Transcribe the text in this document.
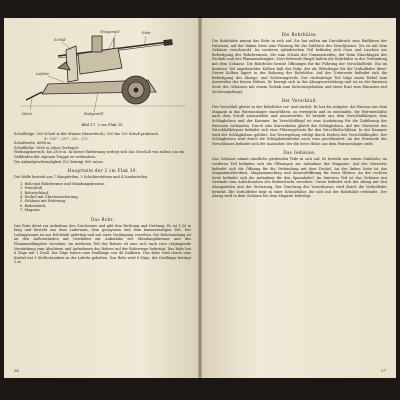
Wiegenteil	Rohr
Schild
Lafette
Radgestell
Holm
Bild 17. 2 cm Flak 30.

Schußfolge: 280 Schuß in der Minute (theoretisch), 100 bis 120 Schuß praktisch.

Ri. 100° - 120°, 220 - 223

Schußweite: 4800 m.

Schußhöhe: 3800 m (ohne Zerleger).

Wirkungsbereich: bis 2500 m. In dieser Entfernung zerlegt sich das Geschoß von selbst, um ein Gefährden der eigenen Truppe zu verhindern.

Die Anlaufgeschwindigkeit (V₀) beträgt 900 m/sec.

Hauptteile der 2 cm Flak 30.

Die Waffe besteht aus 7 Hauptteilen, 3 Schulterstützen und 4 Sonderteilen.

1. Rohr mit Rohrbremse und Mündungsbremse,
2. Verschluß,
3. Rohrrücklauf,
4. Deckel mit Überlastsicherung,
5. Gehäuse mit Federung,
6. Bodenstück,
7. Magazin.
Das Rohr.

Das Rohr dient zur Aufnahme des Geschosses und gibt ihm Richtung und Drehung. Es ist 1,30 m lang und besteht aus dem Laderaum, dem gezogenen und dem kammerartigen Teil. Der Ladungsraum ist aus Edelstahl gefertigt und mit einer Verjüngung versehen. Die Rohrwandung ist an den Außenwänden mit Gewinden zur Aufnahme der Mündungsbremse und des Flammendämpfers versehen. Im mittleren Teil des Rohres ist eine sich nach vorn verjüngende Verstärkung zum Abstützen und Aufnehmen des Rohres auf der Rohrwiege befestigt. Das Rohr hat 8 Züge mit 1 Drall. Die Züge haben eine Drallänge von 48 Kalibern. Das Rohr wird durch eine Kurbel mit 5 Stellschrauben in der Lafette gehalten. Das Rohr wird 8 Züge, der Drallänge beträgt 2 m.

26
Die Rohrhülse.

Die Rohrhülse nimmt das Rohr in sich auf. Sie hat außen am Durchbruch zum Einführen der Patronen, auf der linken Seite eine Führung für die Zuführer des Verschlusses. Sie ist mit dem Gehäuse verschraubt. Im vorderen zylindrischen Teil befinden sich Ösen und Laschen zur Befestigung der Rohrbremsen, die zum Schutz der Gummistreifen, der beim Einschlagen des Deckels und der Flammendämpfer. Zwei federnde Riegel halten die Rohrhülse in der Verbindung mit dem Gehäuse. Die Rohrhülse besitzt Öffnungen für die Führung der Verschlußteile. Ein im hinteren Teil angebrachter Kolben hält das Rohr, der als Widerlager für die Vorholfeder dient. Dieser Kolben lagert in der Bohrung der Rohrhülse. Auf der Unterseite befindet sich die Befestigung des Abzugs- und Sicherungsteils. Der rückwärtige Teil trägt einen Hebel zum Auswerfen der leeren Hülsen. Er bewegt sich in der Abzugsvorrichtung und ist an der hinteren Seite des Gehäuses mit einem Gelenk zum Sicherungsbolzen und einer Rast zum Einrasten mit Sicherungsbügel.

Der Verschluß.

Der Verschluß gleitet in der Rohrhülse vor- und zurück. Er hat die Aufgabe, die Patrone aus dem Magazin in das Patronenlager einzuführen, zu verriegeln und zu entzünden, die Patronenhülse nach dem Schuß auszuziehen und auszuwerfen. Er besteht aus dem Verschlußkörper, dem Schlagbolzen und der Kammer. Im Verschlußkopf ist eine Ausfräsung für die Zuführung der Patronen vorhanden. Durch eine Kurvenbahn gleitet der Schlagbolzen. Auf der Oberseite des Verschlußkörpers befindet sich eine Führungsleiste für den Verschlußschlitten. In der Kammer wird der Schlagbolzen geführt. Die Verriegelung erfolgt durch Drehen des Verschlußkopfes. Der Schlagbolzen wird durch die Schlagbolzenfeder nach vorn geschleudert. An der Stirnseite des Verschlusses befindet sich der Auszieher, der die leere Hülse aus dem Patronenlager zieht.

Das Gehäuse.

Das Gehäuse nimmt sämtliche gleitenden Teile in sich auf. Es besteht aus einem Stahlrohr, im vorderen Teil befinden sich die Öffnungen zur Aufnahme der Magazine. Auf der Oberseite befindet sich die Öffnung für die Verbindung mit dem Deckel. An der linken Seite ist das Magazinhalterstück, Magazinanschlag und Auswurföffnung für leere Hülsen. An der rechten Seite befindet sich die Aufnahme für den Spannhebel. Im hinteren Teil ist das Gehäuse mit Gewinde zum Aufschrauben des Bodenstücks versehen. Unten befindet sich der Abzug mit den Abzugsteilen und der Sicherung. Der Durchzug des Verschlusses wird durch die Vorholfeder bewirkt. Die Vorholfeder liegt in einer Schutzhülse, die sich mit der Rohrhülse verbindet. Der Abzug wird in dem Gehäuse bei dem Magazin befestigt.

27
